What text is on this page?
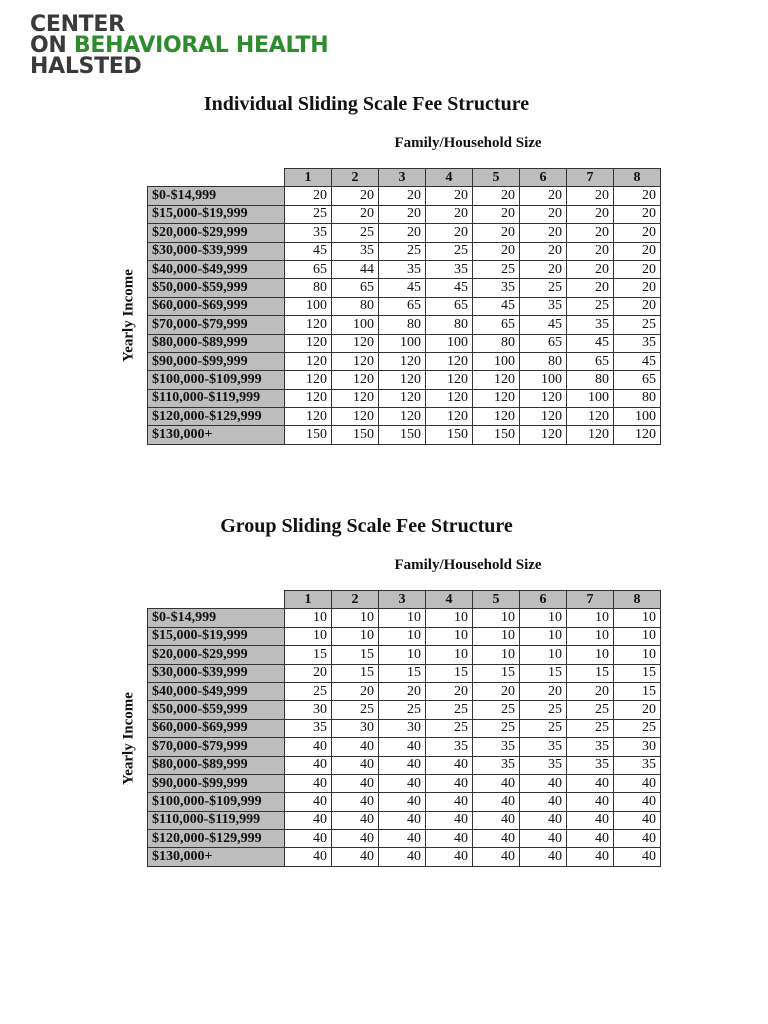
CENTER
ON BEHAVIORAL HEALTH
HALSTED
Individual Sliding Scale Fee Structure
Family/Household Size
Yearly Income
	1	2	3	4	5	6	7	8
$0-$14,999	20	20	20	20	20	20	20	20
$15,000-$19,999	25	20	20	20	20	20	20	20
$20,000-$29,999	35	25	20	20	20	20	20	20
$30,000-$39,999	45	35	25	25	20	20	20	20
$40,000-$49,999	65	44	35	35	25	20	20	20
$50,000-$59,999	80	65	45	45	35	25	20	20
$60,000-$69,999	100	80	65	65	45	35	25	20
$70,000-$79,999	120	100	80	80	65	45	35	25
$80,000-$89,999	120	120	100	100	80	65	45	35
$90,000-$99,999	120	120	120	120	100	80	65	45
$100,000-$109,999	120	120	120	120	120	100	80	65
$110,000-$119,999	120	120	120	120	120	120	100	80
$120,000-$129,999	120	120	120	120	120	120	120	100
$130,000+	150	150	150	150	150	120	120	120
Group Sliding Scale Fee Structure
Family/Household Size
Yearly Income
	1	2	3	4	5	6	7	8
$0-$14,999	10	10	10	10	10	10	10	10
$15,000-$19,999	10	10	10	10	10	10	10	10
$20,000-$29,999	15	15	10	10	10	10	10	10
$30,000-$39,999	20	15	15	15	15	15	15	15
$40,000-$49,999	25	20	20	20	20	20	20	15
$50,000-$59,999	30	25	25	25	25	25	25	20
$60,000-$69,999	35	30	30	25	25	25	25	25
$70,000-$79,999	40	40	40	35	35	35	35	30
$80,000-$89,999	40	40	40	40	35	35	35	35
$90,000-$99,999	40	40	40	40	40	40	40	40
$100,000-$109,999	40	40	40	40	40	40	40	40
$110,000-$119,999	40	40	40	40	40	40	40	40
$120,000-$129,999	40	40	40	40	40	40	40	40
$130,000+	40	40	40	40	40	40	40	40
